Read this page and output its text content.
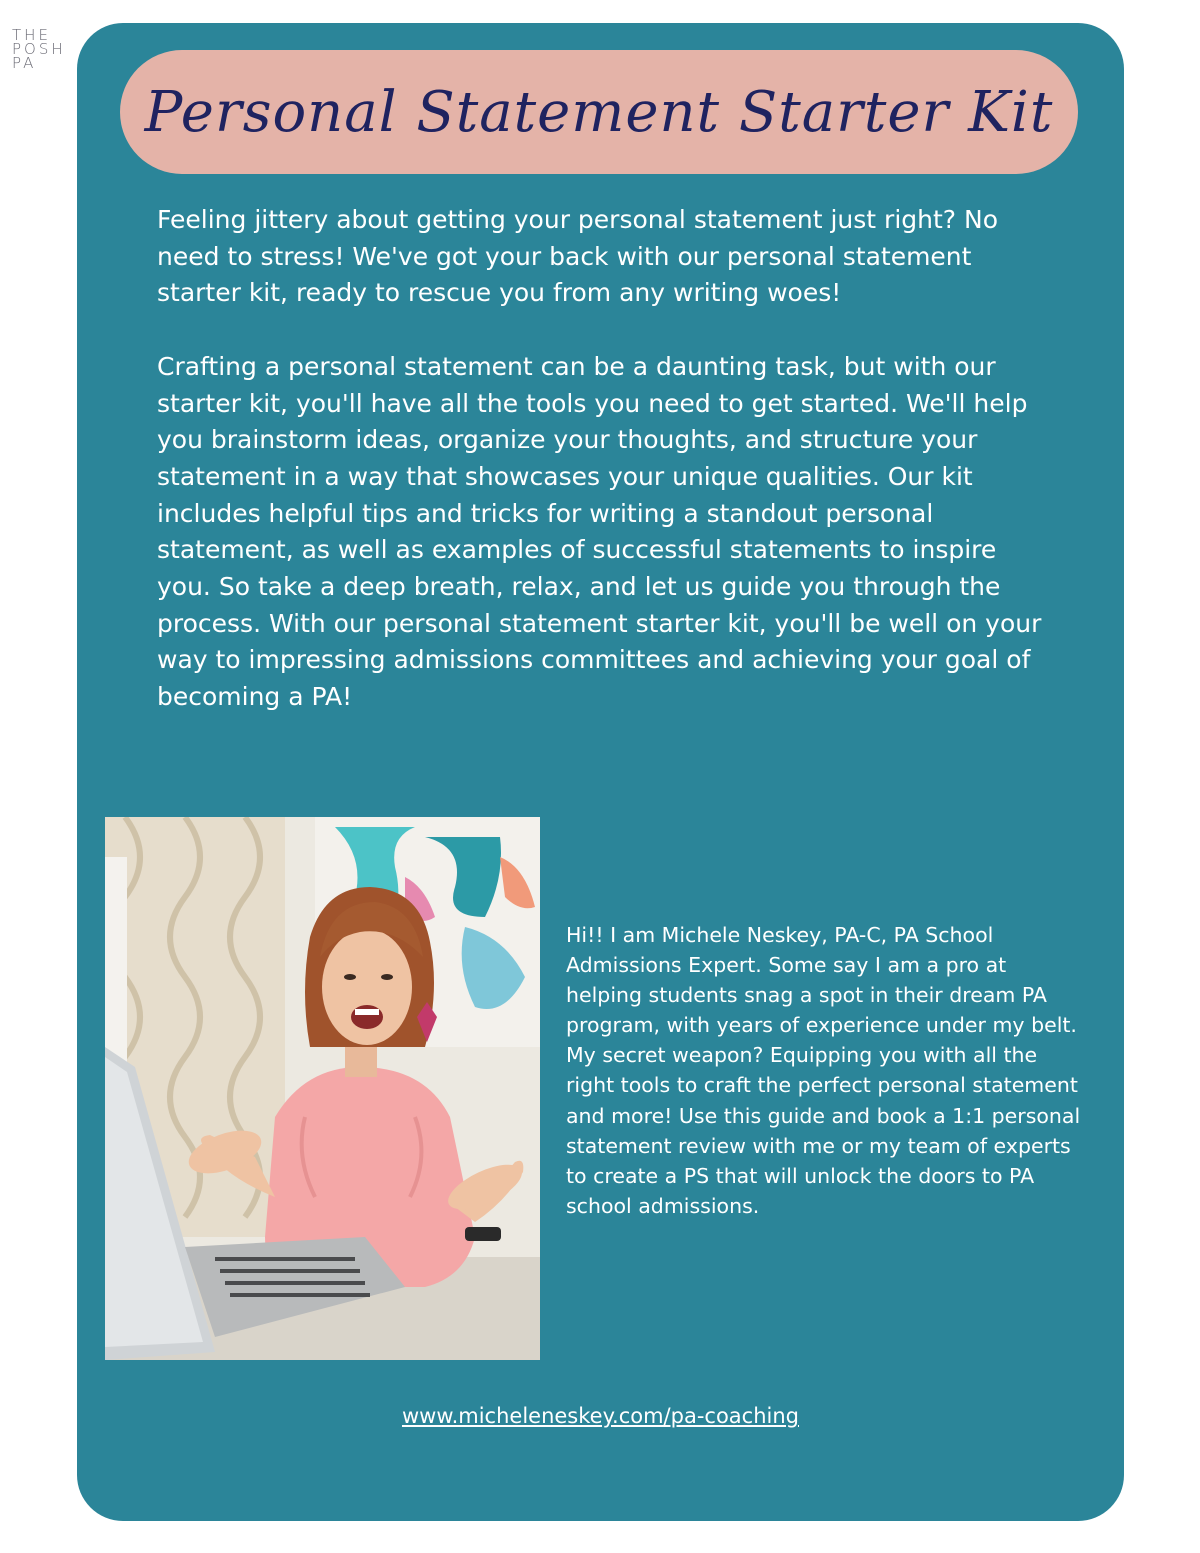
THE
POSH
PA
Personal Statement Starter Kit

Feeling jittery about getting your personal statement just right? No need to stress! We've got your back with our personal statement starter kit, ready to rescue you from any writing woes!

Crafting a personal statement can be a daunting task, but with our starter kit, you'll have all the tools you need to get started. We'll help you brainstorm ideas, organize your thoughts, and structure your statement in a way that showcases your unique qualities. Our kit includes helpful tips and tricks for writing a standout personal statement, as well as examples of successful statements to inspire you. So take a deep breath, relax, and let us guide you through the process. With our personal statement starter kit, you'll be well on your way to impressing admissions committees and achieving your goal of becoming a PA!

Hi!! I am Michele Neskey, PA-C, PA School Admissions Expert. Some say I am a pro at helping students snag a spot in their dream PA program, with years of experience under my belt. My secret weapon? Equipping you with all the right tools to craft the perfect personal statement and more! Use this guide and book a 1:1 personal statement review with me or my team of experts to create a PS that will unlock the doors to PA school admissions.
www.micheleneskey.com/pa-coaching
